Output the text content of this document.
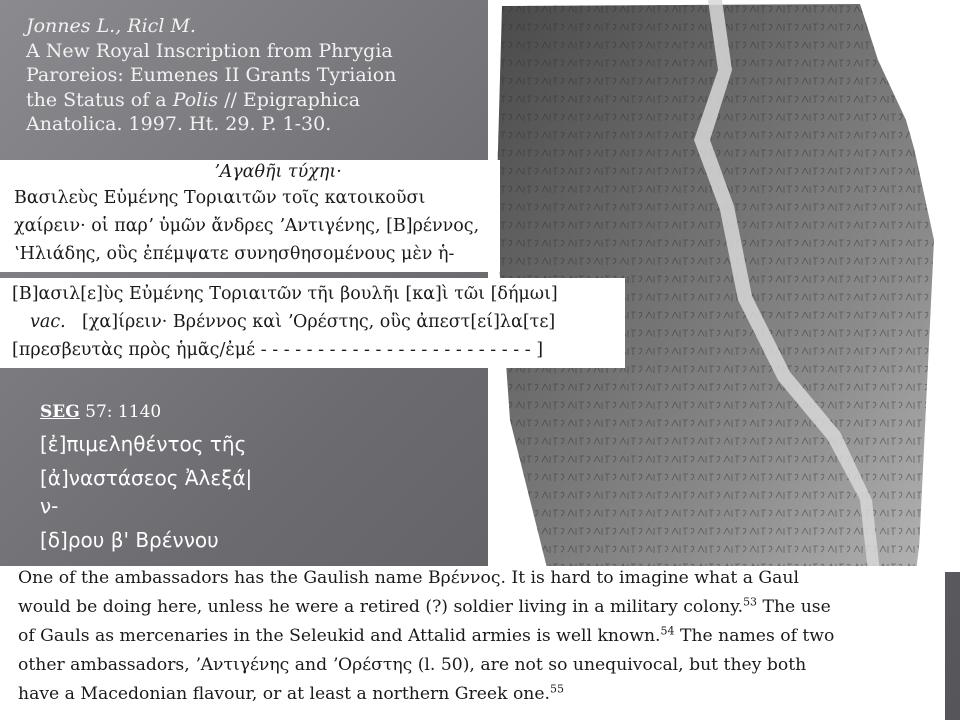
Jonnes L., Ricl M.
A New Royal Inscription from Phrygia
Paroreios: Eumenes II Grants Tyriaion
the Status of a Polis // Epigraphica
Anatolica. 1997. Ht. 29. P. 1-30.
ʼΑγαθῆι τύχηι·
Βασιλεὺς Εὐμένης Τοριαιτῶν τοῖς κατοικοῦσι
χαίρειν· οἱ παρʼ ὑμῶν ἄνδρες ʼΑντιγένης, [Β]ρέννος,
ʽΗλιάδης, οὓς ἐπέμψατε συνησθησομένους μὲν ἡ-
[Β]ασιλ[ε]ὺς Εὐμένης Τοριαιτῶν τῆι βουλῆι [κα]ὶ τῶι [δήμωι]
vac. [χα]ίρειν· Βρέννος καὶ ʼΟρέστης, οὓς ἀπεστ[εί]λα[τε]
[πρεσβευτὰς πρὸς ἡμᾶς/ἐμέ - - - - - - - - - - - - - - - - - - - - - - - - ]
SEG 57: 1140
[ἐ]πιμεληθέντος τῆς
[ἀ]ναστάσεος Ἀλεξά|
ν-
[δ]ρου β' Βρέννου
One of the ambassadors has the Gaulish name Βρέννος. It is hard to imagine what a Gaul
would be doing here, unless he were a retired (?) soldier living in a military colony.$^{53}$ The use
of Gauls as mercenaries in the Seleukid and Attalid armies is well known.$^{54}$ The names of two
other ambassadors, ʼΑντιγένης and ʼΟρέστης (l. 50), are not so unequivocal, but they both
have a Macedonian flavour, or at least a northern Greek one.$^{55}$
